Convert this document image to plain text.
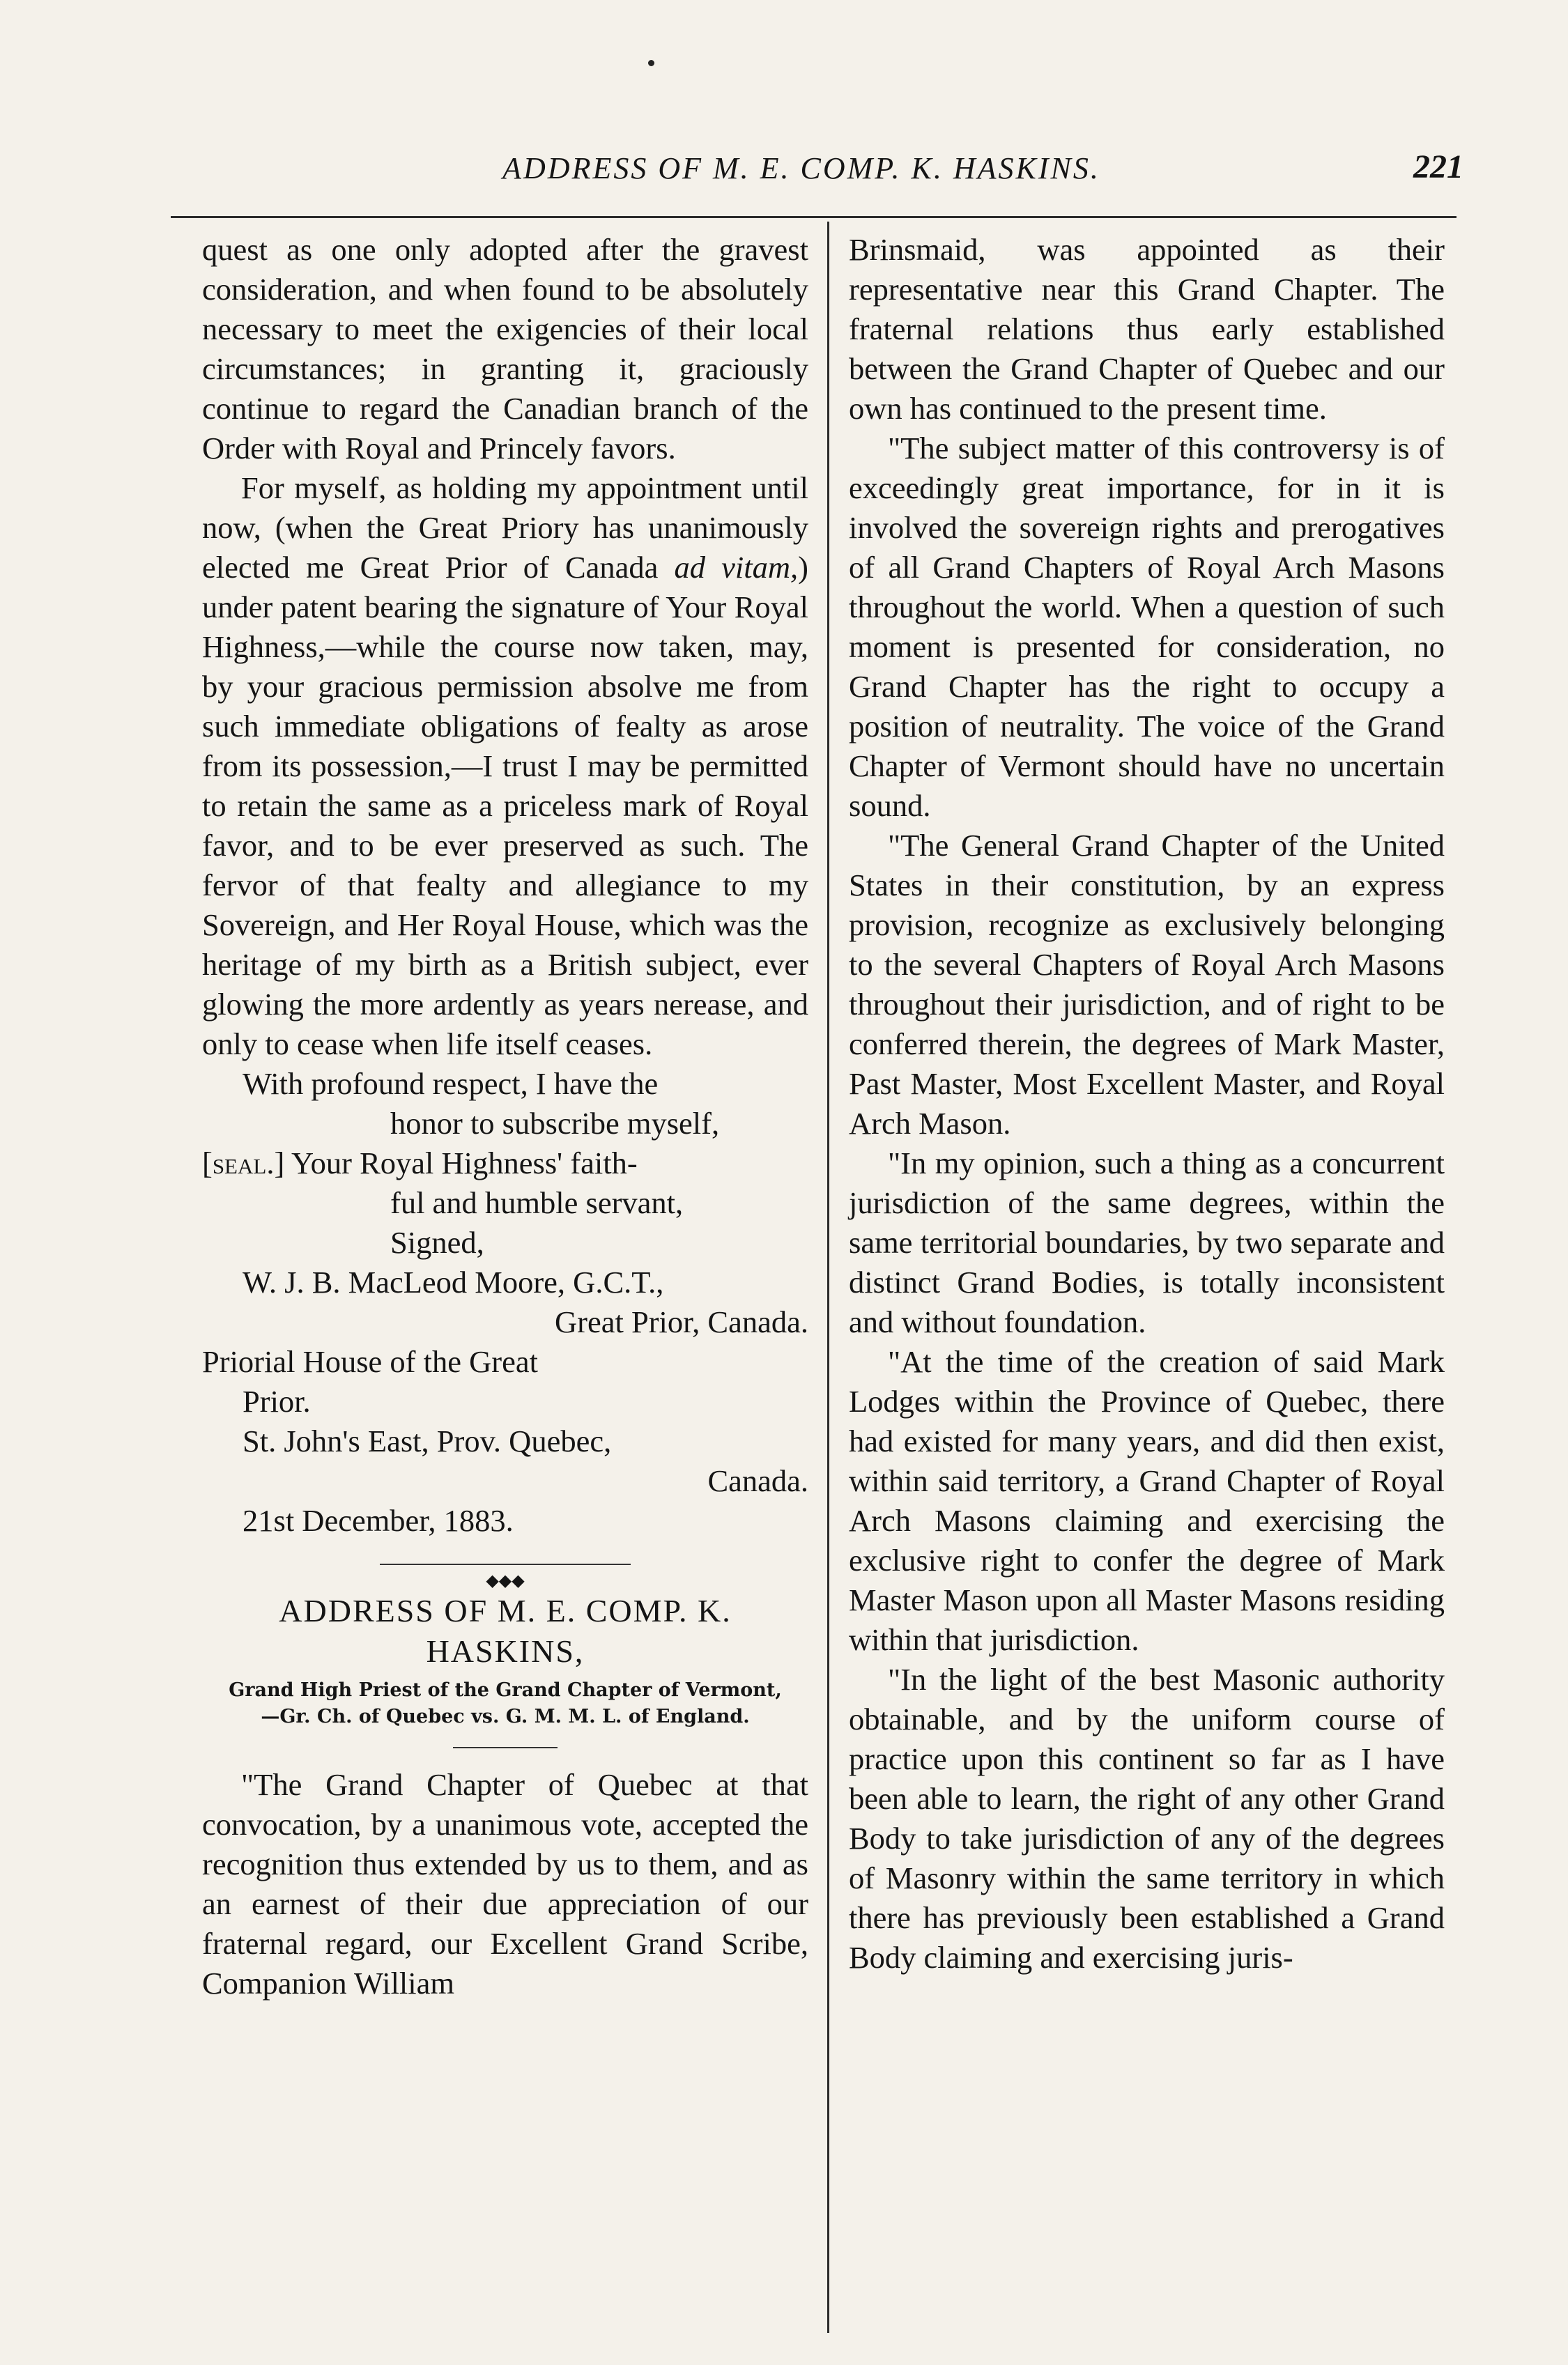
ADDRESS OF M. E. COMP. K. HASKINS.	221

quest as one only adopted after the gravest consideration, and when found to be absolutely necessary to meet the exigencies of their local circumstances; in granting it, graciously continue to regard the Canadian branch of the Order with Royal and Princely favors.

For myself, as holding my appointment until now, (when the Great Priory has unanimously elected me Great Prior of Canada ad vitam,) under patent bearing the signature of Your Royal Highness,—while the course now taken, may, by your gracious permission absolve me from such immediate obligations of fealty as arose from its possession,—I trust I may be permitted to retain the same as a priceless mark of Royal favor, and to be ever preserved as such. The fervor of that fealty and allegiance to my Sovereign, and Her Royal House, which was the heritage of my birth as a British subject, ever glowing the more ardently as years nerease, and only to cease when life itself ceases.

With profound respect, I have the
honor to subscribe myself,
[seal.] Your Royal Highness' faith-
ful and humble servant,
Signed,
W. J. B. MacLeod Moore, G.C.T.,
Great Prior, Canada.
Priorial House of the Great
Prior.
St. John's East, Prov. Quebec,
Canada.
21st December, 1883.
◆◆◆
ADDRESS OF M. E. COMP. K. HASKINS,
Grand High Priest of the Grand Chapter of Vermont,—Gr. Ch. of Quebec vs. G. M. M. L. of England.

"The Grand Chapter of Quebec at that convocation, by a unanimous vote, accepted the recognition thus extended by us to them, and as an earnest of their due appreciation of our fraternal regard, our Excellent Grand Scribe, Companion William

Brinsmaid, was appointed as their representative near this Grand Chapter. The fraternal relations thus early established between the Grand Chapter of Quebec and our own has continued to the present time.

"The subject matter of this controversy is of exceedingly great importance, for in it is involved the sovereign rights and prerogatives of all Grand Chapters of Royal Arch Masons throughout the world. When a question of such moment is presented for consideration, no Grand Chapter has the right to occupy a position of neutrality. The voice of the Grand Chapter of Vermont should have no uncertain sound.

"The General Grand Chapter of the United States in their constitution, by an express provision, recognize as exclusively belonging to the several Chapters of Royal Arch Masons throughout their jurisdiction, and of right to be conferred therein, the degrees of Mark Master, Past Master, Most Excellent Master, and Royal Arch Mason.

"In my opinion, such a thing as a concurrent jurisdiction of the same degrees, within the same territorial boundaries, by two separate and distinct Grand Bodies, is totally inconsistent and without foundation.

"At the time of the creation of said Mark Lodges within the Province of Quebec, there had existed for many years, and did then exist, within said territory, a Grand Chapter of Royal Arch Masons claiming and exercising the exclusive right to confer the degree of Mark Master Mason upon all Master Masons residing within that jurisdiction.

"In the light of the best Masonic authority obtainable, and by the uniform course of practice upon this continent so far as I have been able to learn, the right of any other Grand Body to take jurisdiction of any of the degrees of Masonry within the same territory in which there has previously been established a Grand Body claiming and exercising juris-
